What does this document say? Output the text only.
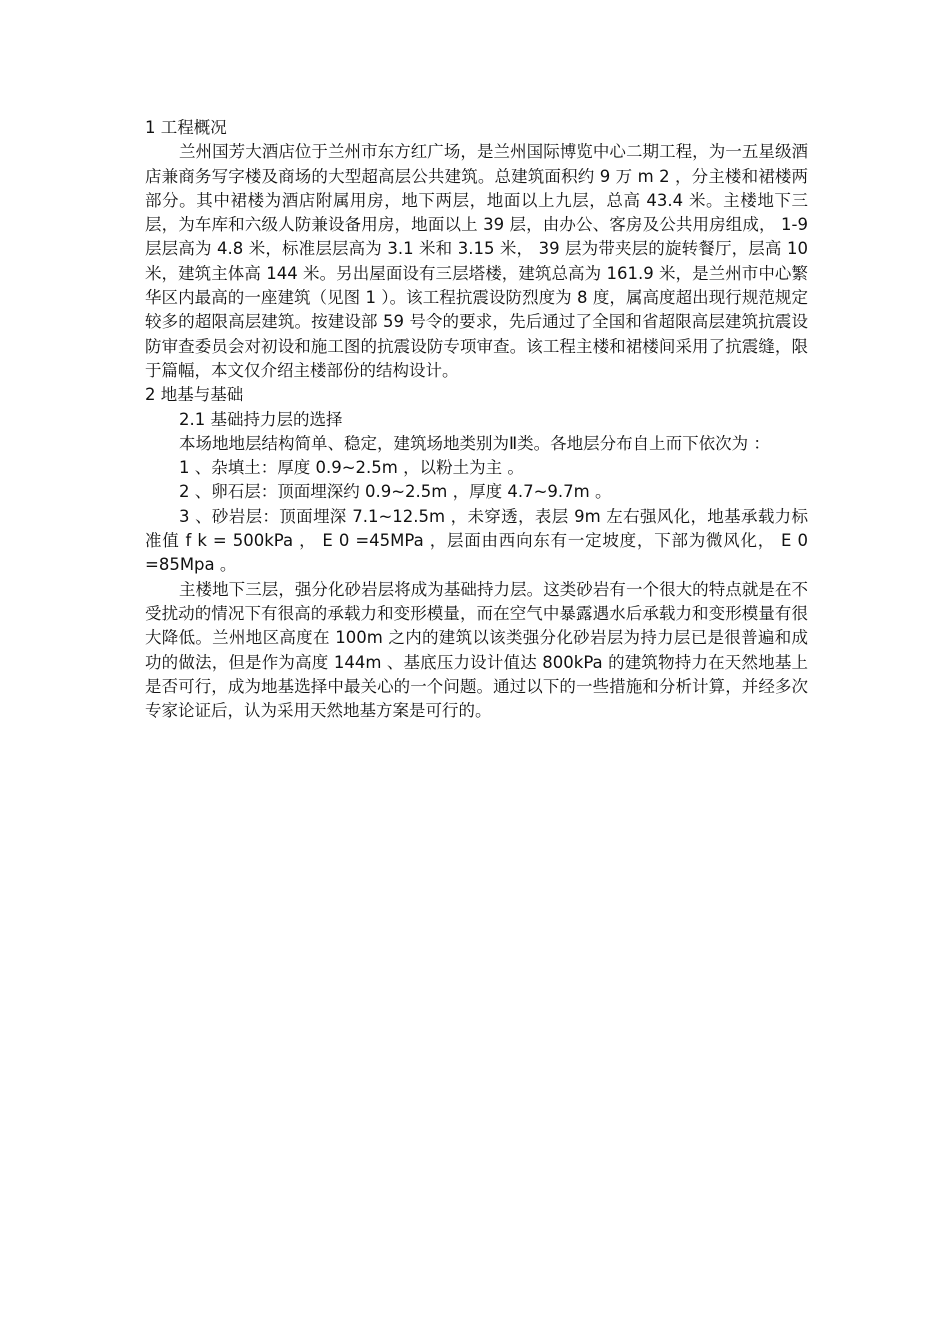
1 工程概况

兰州国芳大酒店位于兰州市东方红广场，是兰州国际博览中心二期工程，为一五星级酒店兼商务写字楼及商场的大型超高层公共建筑。总建筑面积约 9 万 m 2 ，分主楼和裙楼两部分。其中裙楼为酒店附属用房，地下两层，地面以上九层，总高 43.4 米。主楼地下三层，为车库和六级人防兼设备用房，地面以上 39 层，由办公、客房及公共用房组成， 1-9 层层高为 4.8 米，标准层层高为 3.1 米和 3.15 米， 39 层为带夹层的旋转餐厅，层高 10 米，建筑主体高 144 米。另出屋面设有三层塔楼，建筑总高为 161.9 米，是兰州市中心繁华区内最高的一座建筑（见图 1 ）。该工程抗震设防烈度为 8 度，属高度超出现行规范规定较多的超限高层建筑。按建设部 59 号令的要求，先后通过了全国和省超限高层建筑抗震设防审查委员会对初设和施工图的抗震设防专项审查。该工程主楼和裙楼间采用了抗震缝，限于篇幅，本文仅介绍主楼部份的结构设计。

2 地基与基础

2.1 基础持力层的选择

本场地地层结构简单、稳定，建筑场地类别为Ⅱ类。各地层分布自上而下依次为 ：

1 、杂填土：厚度 0.9~2.5m ，以粉土为主 。

2 、卵石层：顶面埋深约 0.9~2.5m ，厚度 4.7~9.7m 。

3 、砂岩层：顶面埋深 7.1~12.5m ，未穿透，表层 9m 左右强风化，地基承载力标准值 f k = 500kPa ， E 0 =45MPa ，层面由西向东有一定坡度，下部为微风化， E 0 =85Mpa 。

主楼地下三层，强分化砂岩层将成为基础持力层。这类砂岩有一个很大的特点就是在不受扰动的情况下有很高的承载力和变形模量，而在空气中暴露遇水后承载力和变形模量有很大降低。兰州地区高度在 100m 之内的建筑以该类强分化砂岩层为持力层已是很普遍和成功的做法，但是作为高度 144m 、基底压力设计值达 800kPa 的建筑物持力在天然地基上是否可行，成为地基选择中最关心的一个问题。通过以下的一些措施和分析计算，并经多次专家论证后，认为采用天然地基方案是可行的。
